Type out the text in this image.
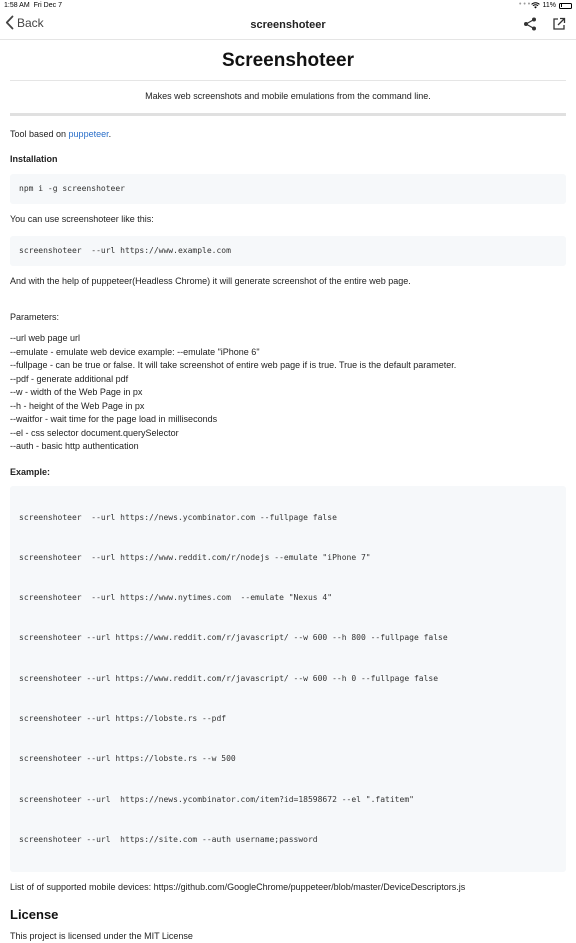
1:58 AM Fri Dec 7	• • • 11%
Back	screenshoteer
Screenshoteer
Makes web screenshots and mobile emulations from the command line.
Tool based on puppeteer.
Installation
npm i -g screenshoteer
You can use screenshoteer like this:
screenshoteer  --url https://www.example.com
And with the help of puppeteer(Headless Chrome) it will generate screenshot of the entire web page.
Parameters:
--url web page url
--emulate - emulate web device example: --emulate "iPhone 6"
--fullpage - can be true or false. It will take screenshot of entire web page if is true. True is the default parameter.
--pdf - generate additional pdf
--w - width of the Web Page in px
--h - height of the Web Page in px
--waitfor - wait time for the page load in milliseconds
--el - css selector document.querySelector
--auth - basic http authentication
Example:

screenshoteer  --url https://news.ycombinator.com --fullpage false

screenshoteer  --url https://www.reddit.com/r/nodejs --emulate "iPhone 7"

screenshoteer  --url https://www.nytimes.com  --emulate "Nexus 4"

screenshoteer --url https://www.reddit.com/r/javascript/ --w 600 --h 800 --fullpage false

screenshoteer --url https://www.reddit.com/r/javascript/ --w 600 --h 0 --fullpage false

screenshoteer --url https://lobste.rs --pdf

screenshoteer --url https://lobste.rs --w 500

screenshoteer --url  https://news.ycombinator.com/item?id=18598672 --el ".fatitem"

screenshoteer --url  https://site.com --auth username;password

List of of supported mobile devices: https://github.com/GoogleChrome/puppeteer/blob/master/DeviceDescriptors.js
License
This project is licensed under the MIT License
